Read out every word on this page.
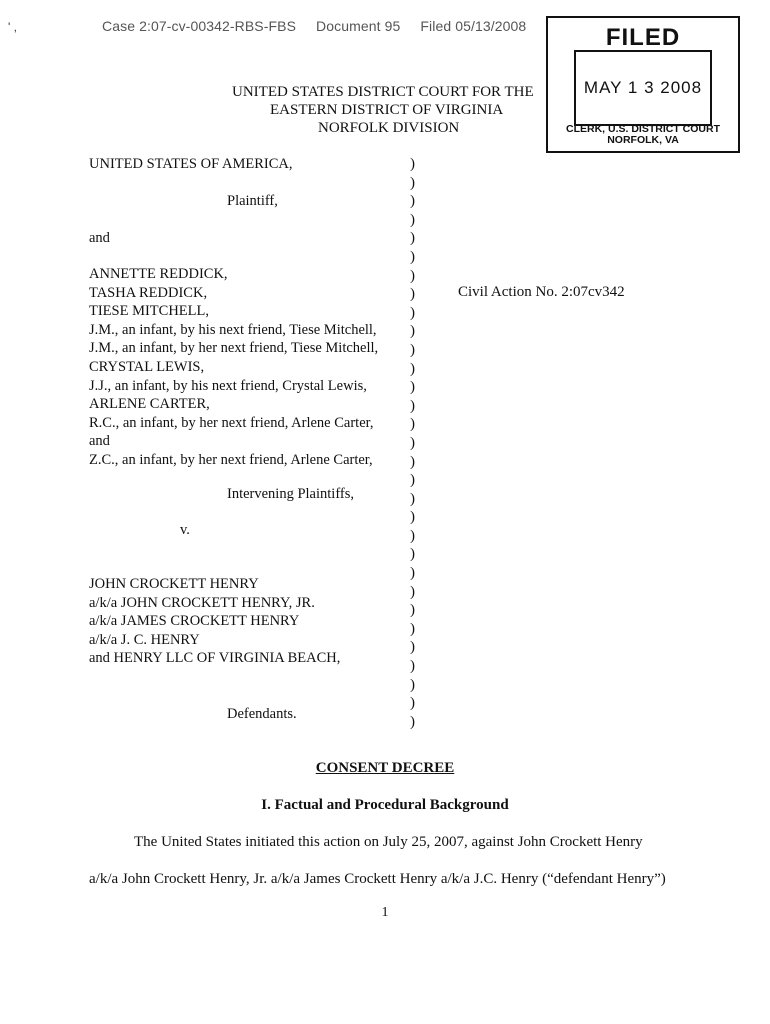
Case 2:07-cv-00342-RBS-FBS Document 95 Filed 05/13/2008
' ,
UNITED STATES DISTRICT COURT FOR THE
EASTERN DISTRICT OF VIRGINIA
NORFOLK DIVISION
FILED
MAY 1 3 2008
CLERK, U.S. DISTRICT COURT
NORFOLK, VA
UNITED STATES OF AMERICA,
Plaintiff,
and
ANNETTE REDDICK,
TASHA REDDICK,
TIESE MITCHELL,
J.M., an infant, by his next friend, Tiese Mitchell,
J.M., an infant, by her next friend, Tiese Mitchell,
CRYSTAL LEWIS,
J.J., an infant, by his next friend, Crystal Lewis,
ARLENE CARTER,
R.C., an infant, by her next friend, Arlene Carter,
and
Z.C., an infant, by her next friend, Arlene Carter,
Intervening Plaintiffs,
v.
JOHN CROCKETT HENRY
a/k/a JOHN CROCKETT HENRY, JR.
a/k/a JAMES CROCKETT HENRY
a/k/a J. C. HENRY
and HENRY LLC OF VIRGINIA BEACH,
Defendants.
)
)
)
)
)
)
)
)
)
)
)
)
)
)
)
)
)
)
)
)
)
)
)
)
)
)
)
)
)
)
)
Civil Action No. 2:07cv342
CONSENT DECREE
I. Factual and Procedural Background
The United States initiated this action on July 25, 2007, against John Crockett Henry
a/k/a John Crockett Henry, Jr. a/k/a James Crockett Henry a/k/a J.C. Henry (“defendant Henry”)
1
